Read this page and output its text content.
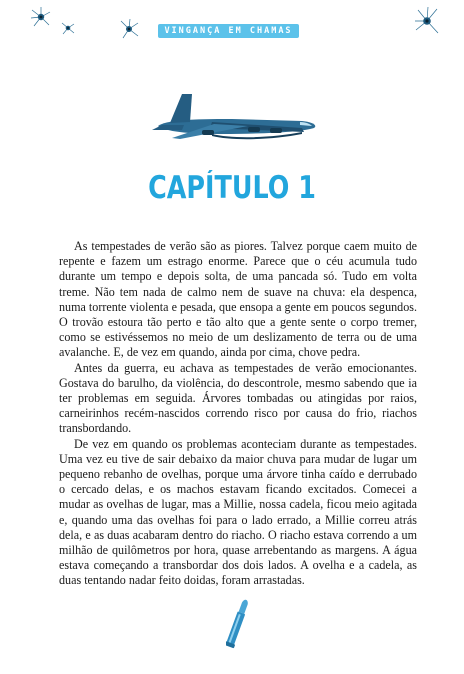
VINGANÇA EM CHAMAS
CAPÍTULO 1

As tempestades de verão são as piores. Talvez porque caem muito de repente e fazem um estrago enorme. Parece que o céu acumula tudo durante um tempo e depois solta, de uma pancada só. Tudo em volta treme. Não tem nada de calmo nem de suave na chuva: ela despenca, numa torrente violenta e pesada, que ensopa a gente em poucos segundos. O trovão estoura tão perto e tão alto que a gente sente o corpo tremer, como se estivéssemos no meio de um deslizamento de terra ou de uma avalanche. E, de vez em quando, ainda por cima, chove pedra.

Antes da guerra, eu achava as tempestades de verão emocionantes. Gostava do barulho, da violência, do descontrole, mesmo sabendo que ia ter problemas em seguida. Árvores tombadas ou atingidas por raios, carneirinhos recém-nascidos correndo risco por causa do frio, riachos transbordando.

De vez em quando os problemas aconteciam durante as tempestades. Uma vez eu tive de sair debaixo da maior chuva para mudar de lugar um pequeno rebanho de ovelhas, porque uma árvore tinha caído e derrubado o cercado delas, e os machos estavam ficando excitados. Comecei a mudar as ovelhas de lugar, mas a Millie, nossa cadela, ficou meio agitada e, quando uma das ovelhas foi para o lado errado, a Millie correu atrás dela, e as duas acabaram dentro do riacho. O riacho estava correndo a um milhão de quilômetros por hora, quase arrebentando as margens. A água estava começando a transbordar dos dois lados. A ovelha e a cadela, as duas tentando nadar feito doidas, foram arrastadas.
